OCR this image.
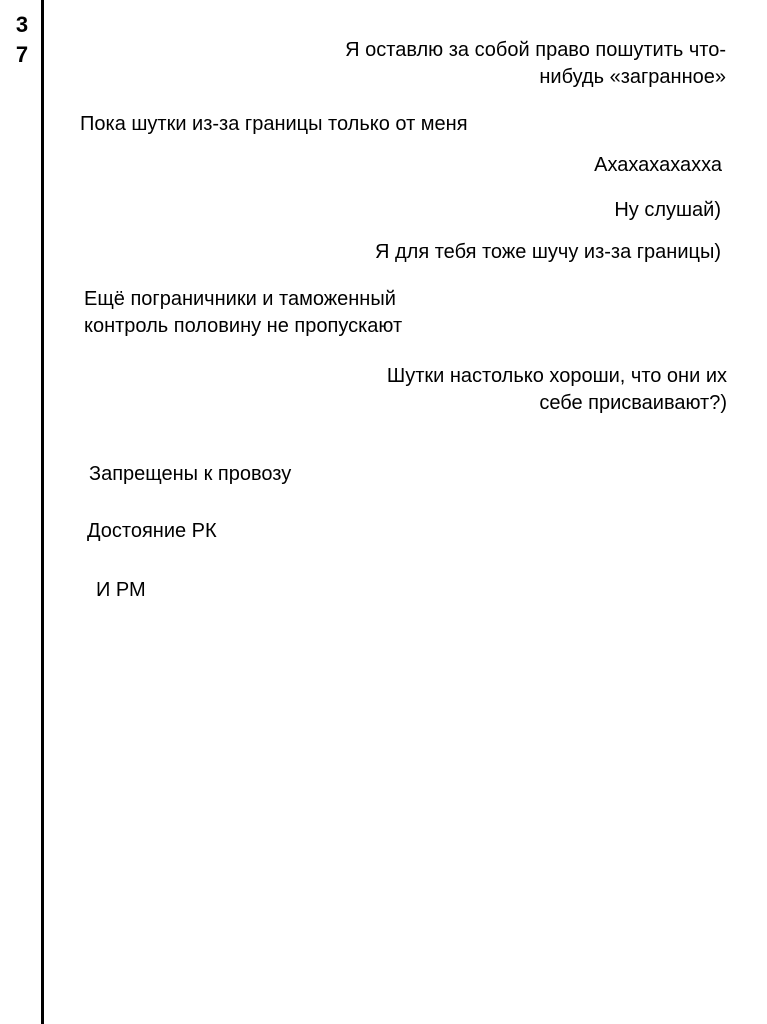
3
7	Я оставлю за собой право пошутить что-
нибудь «загранное»
Пока шутки из-за границы только от меня
Ахахахахахха
Ну слушай)
Я для тебя тоже шучу из-за границы)
Ещё пограничники и таможенный
контроль половину не пропускают
Шутки настолько хороши, что они их
себе присваивают?)
Запрещены к провозу
Достояние РК
И РМ
